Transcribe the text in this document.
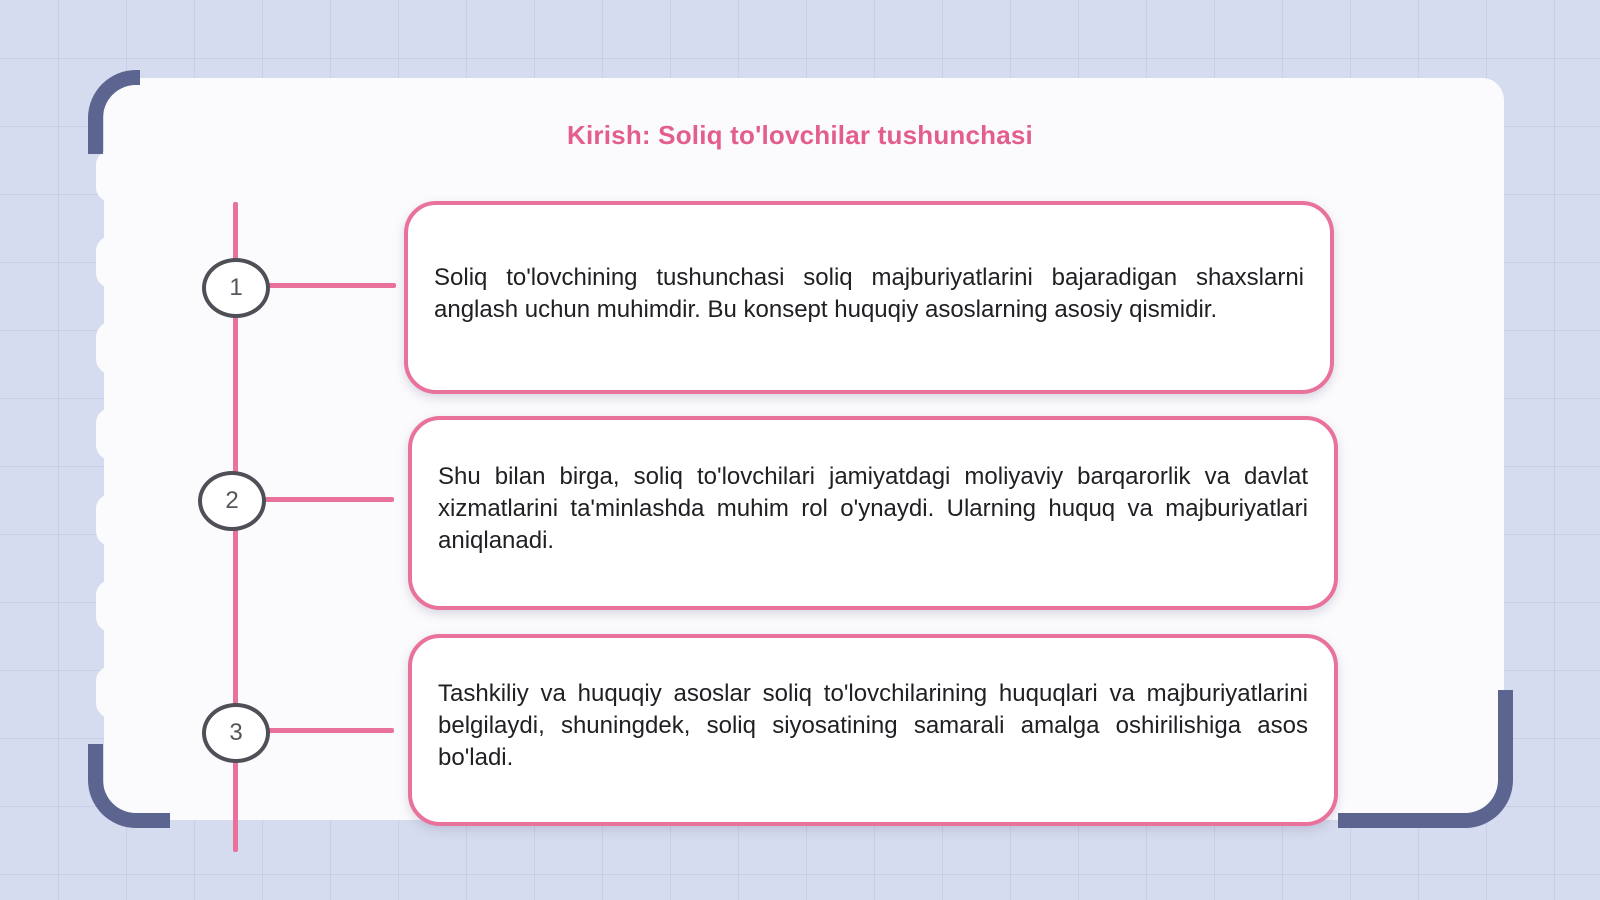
Kirish: Soliq to'lovchilar tushunchasi
1	Soliq to'lovchining tushunchasi soliq majburiyatlarini bajaradigan shaxslarni anglash uchun muhimdir. Bu konsept huquqiy asoslarning asosiy qismidir.
2
Shu bilan birga, soliq to'lovchilari jamiyatdagi moliyaviy barqarorlik va davlat xizmatlarini ta'minlashda muhim rol o'ynaydi. Ularning huquq va majburiyatlari aniqlanadi.
3
Tashkiliy va huquqiy asoslar soliq to'lovchilarining huquqlari va majburiyatlarini belgilaydi, shuningdek, soliq siyosatining samarali amalga oshirilishiga asos bo'ladi.
